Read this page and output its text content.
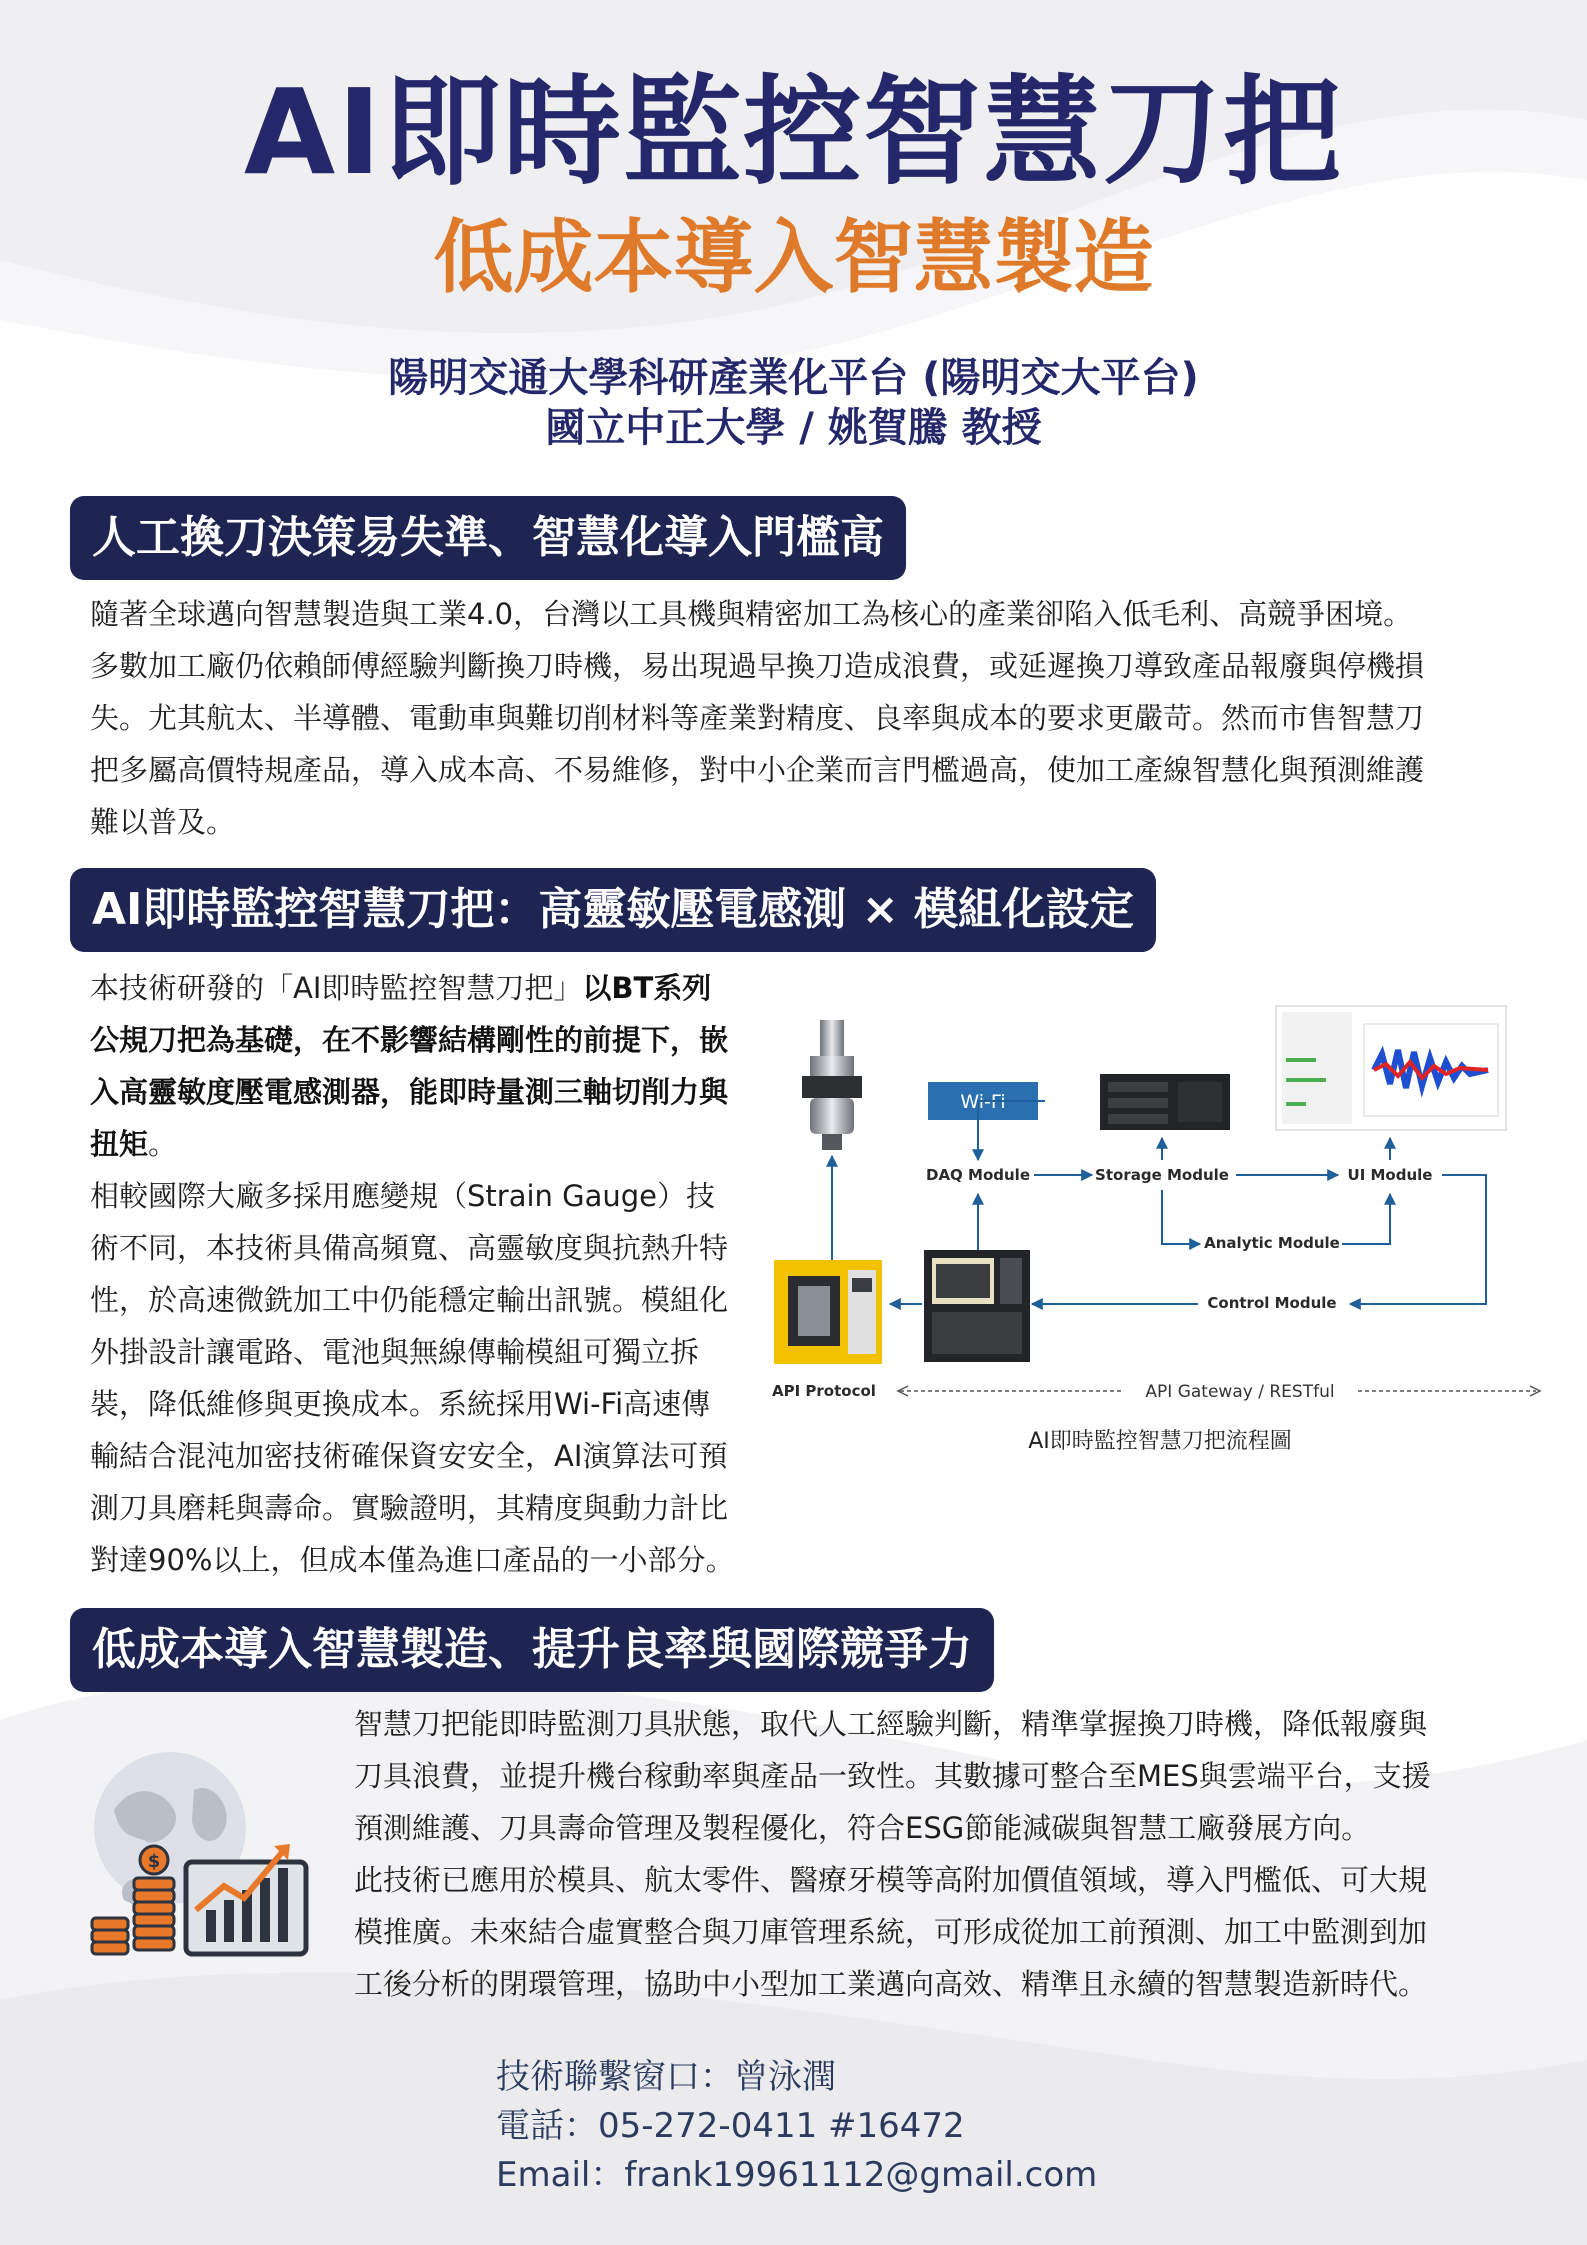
AI即時監控智慧刀把
低成本導入智慧製造
陽明交通大學科研產業化平台 (陽明交大平台)
國立中正大學 / 姚賀騰 教授
人工換刀決策易失準、智慧化導入門檻高
隨著全球邁向智慧製造與工業4.0，台灣以工具機與精密加工為核心的產業卻陷入低毛利、高競爭困境。
多數加工廠仍依賴師傅經驗判斷換刀時機，易出現過早換刀造成浪費，或延遲換刀導致產品報廢與停機損
失。尤其航太、半導體、電動車與難切削材料等產業對精度、良率與成本的要求更嚴苛。然而市售智慧刀
把多屬高價特規產品，導入成本高、不易維修，對中小企業而言門檻過高，使加工產線智慧化與預測維護
難以普及。
AI即時監控智慧刀把：高靈敏壓電感測 × 模組化設定
本技術研發的「AI即時監控智慧刀把」以BT系列
公規刀把為基礎，在不影響結構剛性的前提下，嵌
入高靈敏度壓電感測器，能即時量測三軸切削力與
扭矩。
相較國際大廠多採用應變規（Strain Gauge）技
術不同，本技術具備高頻寬、高靈敏度與抗熱升特
性，於高速微銑加工中仍能穩定輸出訊號。模組化
外掛設計讓電路、電池與無線傳輸模組可獨立拆
裝，降低維修與更換成本。系統採用Wi-Fi高速傳
輸結合混沌加密技術確保資安安全，AI演算法可預
測刀具磨耗與壽命。實驗證明，其精度與動力計比
對達90%以上，但成本僅為進口產品的一小部分。
Wi-Fi
DAQ Module	Storage Module	UI Module
Analytic Module
Control Module
API Protocol	API Gateway / RESTful
AI即時監控智慧刀把流程圖
低成本導入智慧製造、提升良率與國際競爭力
$
智慧刀把能即時監測刀具狀態，取代人工經驗判斷，精準掌握換刀時機，降低報廢與
刀具浪費，並提升機台稼動率與產品一致性。其數據可整合至MES與雲端平台，支援
預測維護、刀具壽命管理及製程優化，符合ESG節能減碳與智慧工廠發展方向。
此技術已應用於模具、航太零件、醫療牙模等高附加價值領域，導入門檻低、可大規
模推廣。未來結合虛實整合與刀庫管理系統，可形成從加工前預測、加工中監測到加
工後分析的閉環管理，協助中小型加工業邁向高效、精準且永續的智慧製造新時代。
技術聯繫窗口：曾泳潤
電話：05-272-0411 #16472
Email：frank19961112@gmail.com
